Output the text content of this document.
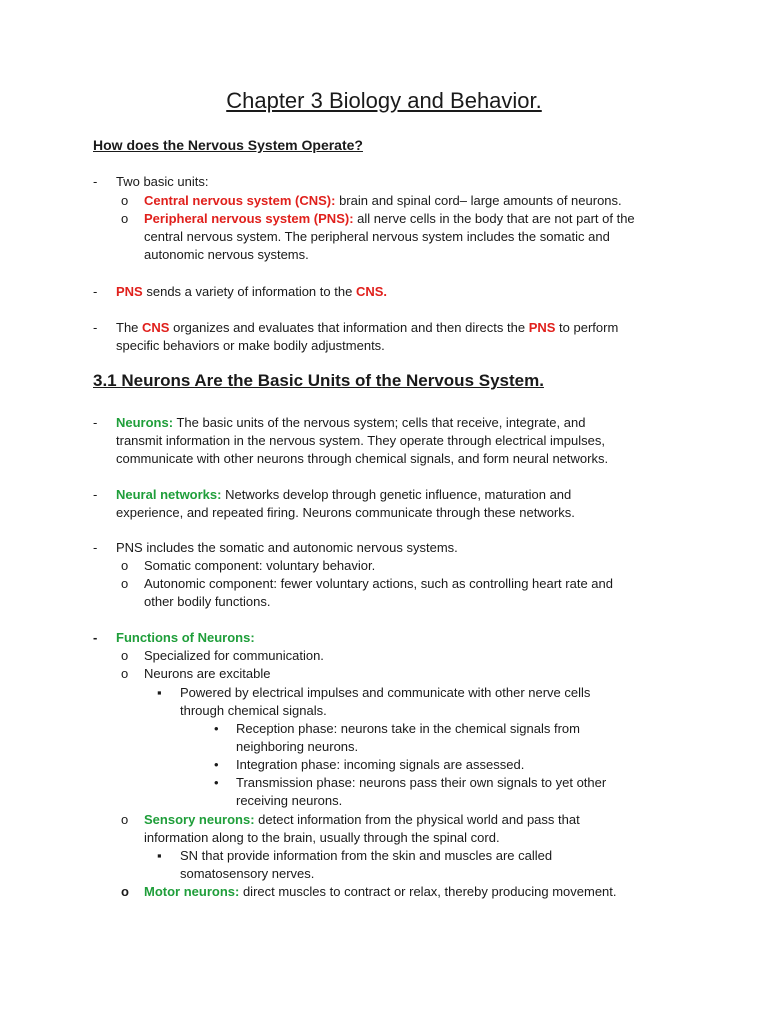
Chapter 3 Biology and Behavior.
How does the Nervous System Operate?
- Two basic units:
o Central nervous system (CNS): brain and spinal cord– large amounts of neurons.
o Peripheral nervous system (PNS): all nerve cells in the body that are not part of the
central nervous system. The peripheral nervous system includes the somatic and
autonomic nervous systems.
- PNS sends a variety of information to the CNS.
- The CNS organizes and evaluates that information and then directs the PNS to perform
specific behaviors or make bodily adjustments.
3.1 Neurons Are the Basic Units of the Nervous System.
- Neurons: The basic units of the nervous system; cells that receive, integrate, and
transmit information in the nervous system. They operate through electrical impulses,
communicate with other neurons through chemical signals, and form neural networks.
- Neural networks: Networks develop through genetic influence, maturation and
experience, and repeated firing. Neurons communicate through these networks.
- PNS includes the somatic and autonomic nervous systems.
o Somatic component: voluntary behavior.
o Autonomic component: fewer voluntary actions, such as controlling heart rate and
other bodily functions.
- Functions of Neurons:
o Specialized for communication.
o Neurons are excitable
▪ Powered by electrical impulses and communicate with other nerve cells
through chemical signals.
• Reception phase: neurons take in the chemical signals from
neighboring neurons.
• Integration phase: incoming signals are assessed.
• Transmission phase: neurons pass their own signals to yet other
receiving neurons.
o Sensory neurons: detect information from the physical world and pass that
information along to the brain, usually through the spinal cord.
▪ SN that provide information from the skin and muscles are called
somatosensory nerves.
o Motor neurons: direct muscles to contract or relax, thereby producing movement.
